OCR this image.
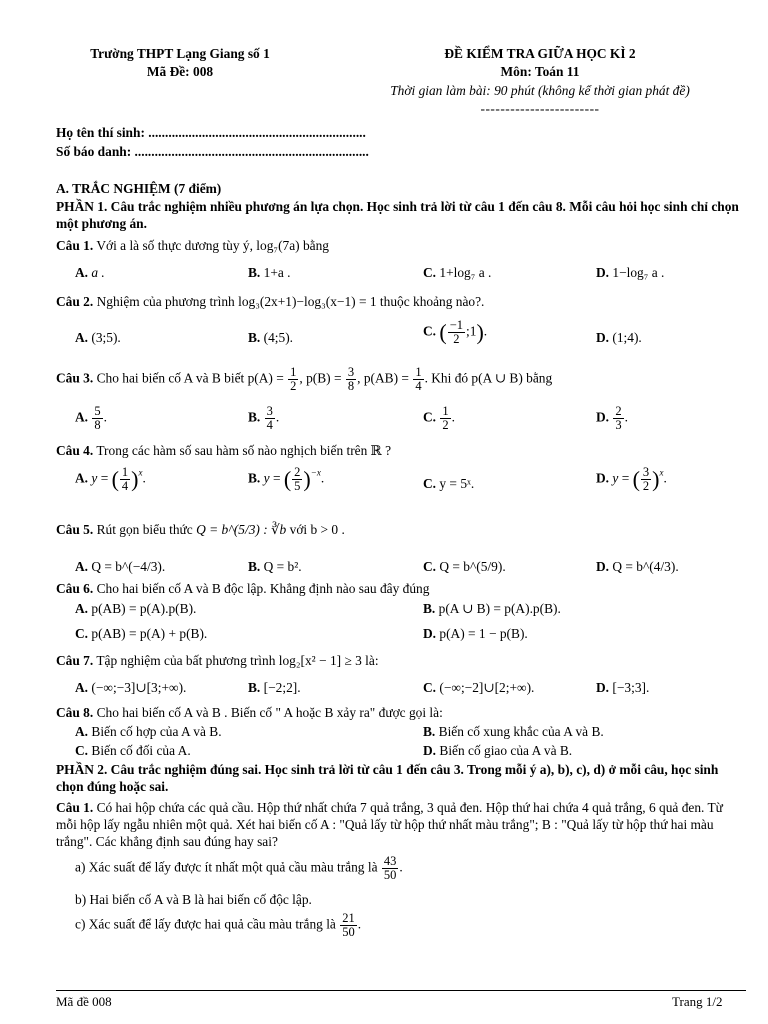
Trường THPT Lạng Giang số 1
Mã Đề: 008
ĐỀ KIỂM TRA GIỮA HỌC KÌ 2
Môn: Toán 11
Thời gian làm bài: 90 phút (không kể thời gian phát đề)
------------------------
Họ tên thí sinh: .................................................................
Số báo danh: ......................................................................
A. TRẮC NGHIỆM (7 điểm)
PHẦN 1. Câu trắc nghiệm nhiều phương án lựa chọn. Học sinh trả lời từ câu 1 đến câu 8. Mỗi câu hỏi học sinh chỉ chọn một phương án.
Câu 1. Với a là số thực dương tùy ý, log₇(7a) bằng
A. a .	B. 1+a .	C. 1+log₇ a .	D. 1−log₇ a .
Câu 2. Nghiệm của phương trình log₃(2x+1)−log₃(x−1) = 1 thuộc khoảng nào?.
A. (3;5).	B. (4;5).	C. ( $\frac{-1}{2}$ ;1).	D. (1;4).
Câu 3. Cho hai biến cố A và B biết $p(A) = \frac{1}{2}$ , $p(B) = \frac{3}{8}$ , $p(AB) = \frac{1}{4}$ . Khi đó p(A ∪ B) bằng
A. $\frac{5}{8}$ .	B. $\frac{3}{4}$ .	C. $\frac{1}{2}$ .	D. $\frac{2}{3}$ .
Câu 4. Trong các hàm số sau hàm số nào nghịch biến trên ℝ ?
A. y = ( $\frac{1}{4} )^x$.	B. y = ( $\frac{2}{5} )^{-x}$.	C. y = 5ˣ.	D. y = ( $\frac{3}{2} )^x$.
Câu 5. Rút gọn biểu thức Q = b^(5/3) : ∛b với b > 0 .
A. Q = b^(−4/3).	B. Q = b².	C. Q = b^(5/9).	D. Q = b^(4/3).
Câu 6. Cho hai biến cố A và B độc lập. Khẳng định nào sau đây đúng
A. p(AB) = p(A).p(B).	B. p(A ∪ B) = p(A).p(B).
C. p(AB) = p(A) + p(B).	D. p(A) = 1 − p(B).
Câu 7. Tập nghiệm của bất phương trình log₂[x² − 1] ≥ 3 là:
A. (−∞;−3]∪[3;+∞).	B. [−2;2].	C. (−∞;−2]∪[2;+∞).	D. [−3;3].
Câu 8. Cho hai biến cố A và B . Biến cố " A hoặc B xảy ra" được gọi là:
A. Biến cố hợp của A và B.	B. Biến cố xung khắc của A và B.
C. Biến cố đối của A.	D. Biến cố giao của A và B.
PHẦN 2. Câu trắc nghiệm đúng sai. Học sinh trả lời từ câu 1 đến câu 3. Trong mỗi ý a), b), c), d) ở mỗi câu, học sinh chọn đúng hoặc sai.
Câu 1. Có hai hộp chứa các quả cầu. Hộp thứ nhất chứa 7 quả trắng, 3 quả đen. Hộp thứ hai chứa 4 quả trắng, 6 quả đen. Từ mỗi hộp lấy ngẫu nhiên một quả. Xét hai biến cố A : "Quả lấy từ hộp thứ nhất màu trắng"; B : "Quả lấy từ hộp thứ hai màu trắng". Các khẳng định sau đúng hay sai?
a) Xác suất để lấy được ít nhất một quả cầu màu trắng là $\frac{43}{50}$ .
b) Hai biến cố A và B là hai biến cố độc lập.
c) Xác suất để lấy được hai quả cầu màu trắng là $\frac{21}{50}$ .
Mã đề 008	Trang 1/2
